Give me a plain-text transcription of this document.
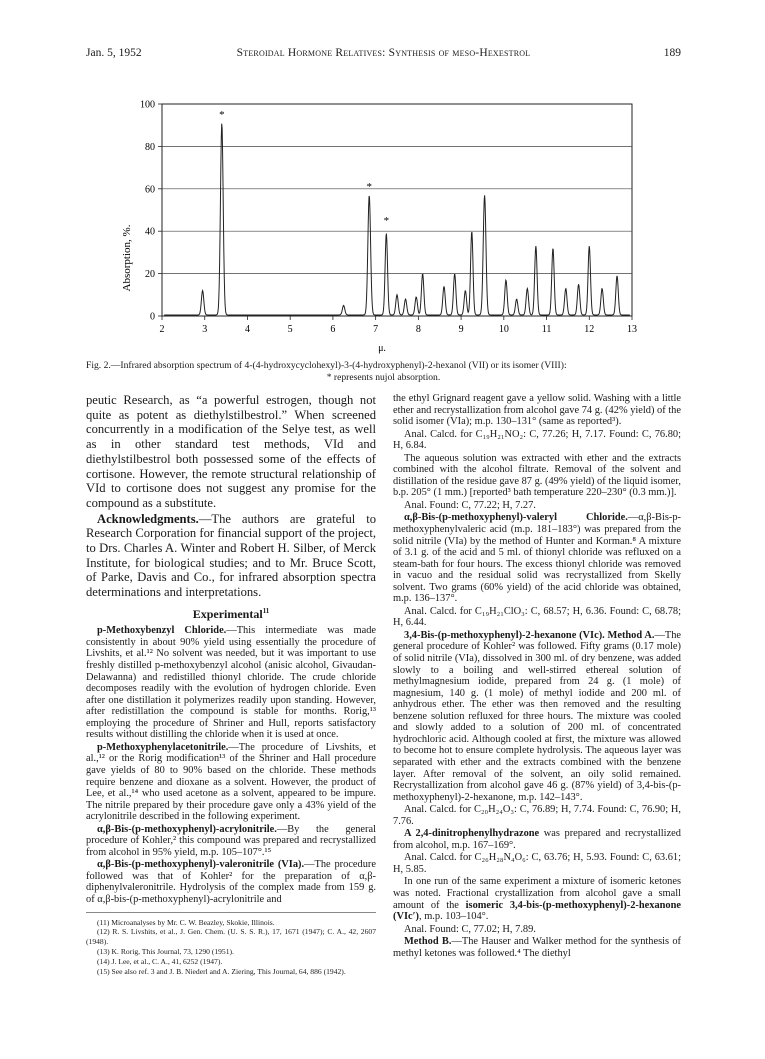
Jan. 5, 1952	Steroidal Hormone Relatives: Synthesis of meso-Hexestrol	189
0
20
40
60
80
100
2	3	4	5	6	7	8	9	10	11	12	13
*
*
*
Absorption, %.
μ.
Fig. 2.—Infrared absorption spectrum of 4-(4-hydroxycyclohexyl)-3-(4-hydroxyphenyl)-2-hexanol (VII) or its isomer (VIII):
* represents nujol absorption.

peutic Research, as “a powerful estrogen, though not quite as potent as diethylstilbestrol.” When screened concurrently in a modification of the Selye test, as well as in other standard test methods, VId and diethylstilbestrol both possessed some of the effects of cortisone. However, the remote structural relationship of VId to cortisone does not suggest any promise for the compound as a substitute.

Acknowledgments.—The authors are grateful to Research Corporation for financial support of the project, to Drs. Charles A. Winter and Robert H. Silber, of Merck Institute, for biological studies; and to Mr. Bruce Scott, of Parke, Davis and Co., for infrared absorption spectra determinations and interpretations.

Experimental$^{11}$

p-Methoxybenzyl Chloride.—This intermediate was made consistently in about 90% yield using essentially the procedure of Livshits, et al.¹² No solvent was needed, but it was important to use freshly distilled p-methoxybenzyl alcohol (anisic alcohol, Givaudan-Delawanna) and redistilled thionyl chloride. The crude chloride decomposes readily with the evolution of hydrogen chloride. Even after one distillation it polymerizes readily upon standing. However, after redistillation the compound is stable for months. Rorig,¹³ employing the procedure of Shriner and Hull, reports satisfactory results without distilling the chloride when it is used at once.

p-Methoxyphenylacetonitrile.—The procedure of Livshits, et al.,¹² or the Rorig modification¹³ of the Shriner and Hall procedure gave yields of 80 to 90% based on the chloride. These methods require benzene and dioxane as a solvent. However, the product of Lee, et al.,¹⁴ who used acetone as a solvent, appeared to be impure. The nitrile prepared by their procedure gave only a 43% yield of the acrylonitrile described in the following experiment.

α,β-Bis-(p-methoxyphenyl)-acrylonitrile.—By the general procedure of Kohler,² this compound was prepared and recrystallized from alcohol in 95% yield, m.p. 105–107°.¹⁵

α,β-Bis-(p-methoxyphenyl)-valeronitrile (VIa).—The procedure followed was that of Kohler² for the preparation of α,β-diphenylvaleronitrile. Hydrolysis of the complex made from 159 g. of α,β-bis-(p-methoxyphenyl)-acrylonitrile and

(11) Microanalyses by Mr. C. W. Beazley, Skokie, Illinois.
(12) R. S. Livshits, et al., J. Gen. Chem. (U. S. S. R.), 17, 1671 (1947); C. A., 42, 2607 (1948).
(13) K. Rorig, This Journal, 73, 1290 (1951).
(14) J. Lee, et al., C. A., 41, 6252 (1947).
(15) See also ref. 3 and J. B. Niederl and A. Ziering, This Journal, 64, 886 (1942).

the ethyl Grignard reagent gave a yellow solid. Washing with a little ether and recrystallization from alcohol gave 74 g. (42% yield) of the solid isomer (VIa); m.p. 130–131° (same as reported³).

Anal. Calcd. for C₁₉H₂₁NO₂: C, 77.26; H, 7.17. Found: C, 76.80; H, 6.84.

The aqueous solution was extracted with ether and the extracts combined with the alcohol filtrate. Removal of the solvent and distillation of the residue gave 87 g. (49% yield) of the liquid isomer, b.p. 205° (1 mm.) [reported³ bath temperature 220–230° (0.3 mm.)].

Anal. Found: C, 77.22; H, 7.27.

α,β-Bis-(p-methoxyphenyl)-valeryl Chloride.—α,β-Bis-p-methoxyphenylvaleric acid (m.p. 181–183°) was prepared from the solid nitrile (VIa) by the method of Hunter and Korman.⁸ A mixture of 3.1 g. of the acid and 5 ml. of thionyl chloride was refluxed on a steam-bath for four hours. The excess thionyl chloride was removed in vacuo and the residual solid was recrystallized from Skelly solvent. Two grams (60% yield) of the acid chloride was obtained, m.p. 136–137°.

Anal. Calcd. for C₁₉H₂₁ClO₃: C, 68.57; H, 6.36. Found: C, 68.78; H, 6.44.

3,4-Bis-(p-methoxyphenyl)-2-hexanone (VIc). Method A.—The general procedure of Kohler² was followed. Fifty grams (0.17 mole) of solid nitrile (VIa), dissolved in 300 ml. of dry benzene, was added slowly to a boiling and well-stirred ethereal solution of methylmagnesium iodide, prepared from 24 g. (1 mole) of magnesium, 140 g. (1 mole) of methyl iodide and 200 ml. of anhydrous ether. The ether was then removed and the resulting benzene solution refluxed for three hours. The mixture was cooled and slowly added to a solution of 200 ml. of concentrated hydrochloric acid. Although cooled at first, the mixture was allowed to become hot to ensure complete hydrolysis. The aqueous layer was separated with ether and the extracts combined with the benzene layer. After removal of the solvent, an oily solid remained. Recrystallization from alcohol gave 46 g. (87% yield) of 3,4-bis-(p-methoxyphenyl)-2-hexanone, m.p. 142–143°.

Anal. Calcd. for C₂₀H₂₄O₃: C, 76.89; H, 7.74. Found: C, 76.90; H, 7.76.

A 2,4-dinitrophenylhydrazone was prepared and recrystallized from alcohol, m.p. 167–169°.

Anal. Calcd. for C₂₆H₂₈N₄O₆: C, 63.76; H, 5.93. Found: C, 63.61; H, 5.85.

In one run of the same experiment a mixture of isomeric ketones was noted. Fractional crystallization from alcohol gave a small amount of the isomeric 3,4-bis-(p-methoxyphenyl)-2-hexanone (VIc′), m.p. 103–104°.

Anal. Found: C, 77.02; H, 7.89.

Method B.—The Hauser and Walker method for the synthesis of methyl ketones was followed.⁴ The diethyl
